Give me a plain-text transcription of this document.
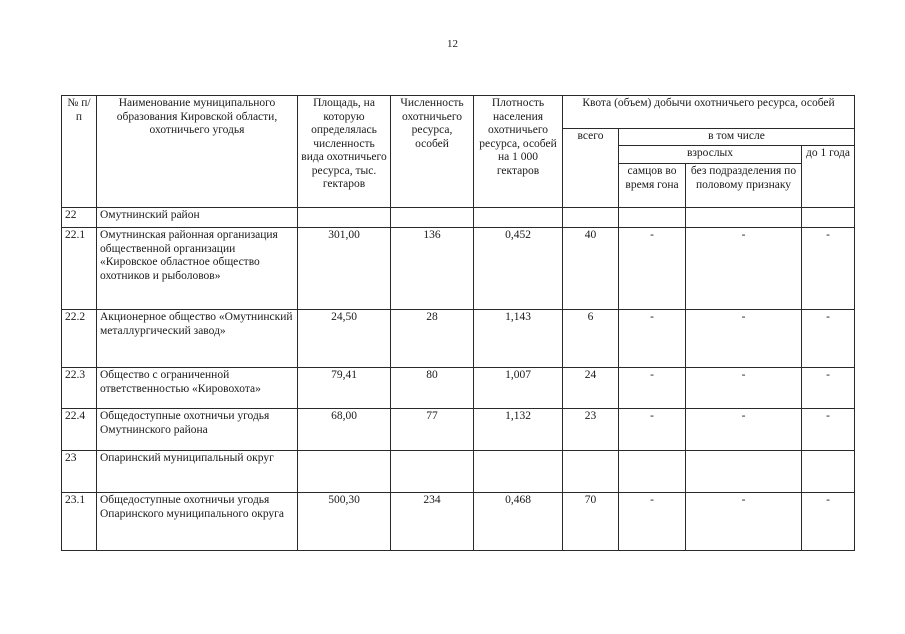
12
№ п/п	Наименование муниципального образования Кировской области, охотничьего угодья	Площадь, на которую определялась численность вида охотничьего ресурса, тыс. гектаров	Численность охотничьего ресурса, особей	Плотность населения охотничьего ресурса, особей на 1 000 гектаров	Квота (объем) добычи охотничьего ресурса, особей			
					всего	в том числе		
						взрослых		до 1 года
						самцов во время гона	без подразделения по половому признаку	
22	Омутнинский район							
22.1	Омутнинская районная организация общественной организации «Кировское областное общество охотников и рыболовов»	301,00	136	0,452	40	-	-	-
22.2	Акционерное общество «Омутнинский металлургический завод»	24,50	28	1,143	6	-	-	-
22.3	Общество с ограниченной ответственностью «Кировохота»	79,41	80	1,007	24	-	-	-
22.4	Общедоступные охотничьи угодья Омутнинского района	68,00	77	1,132	23	-	-	-
23	Опаринский муниципальный округ							
23.1	Общедоступные охотничьи угодья Опаринского муниципального округа	500,30	234	0,468	70	-	-	-
